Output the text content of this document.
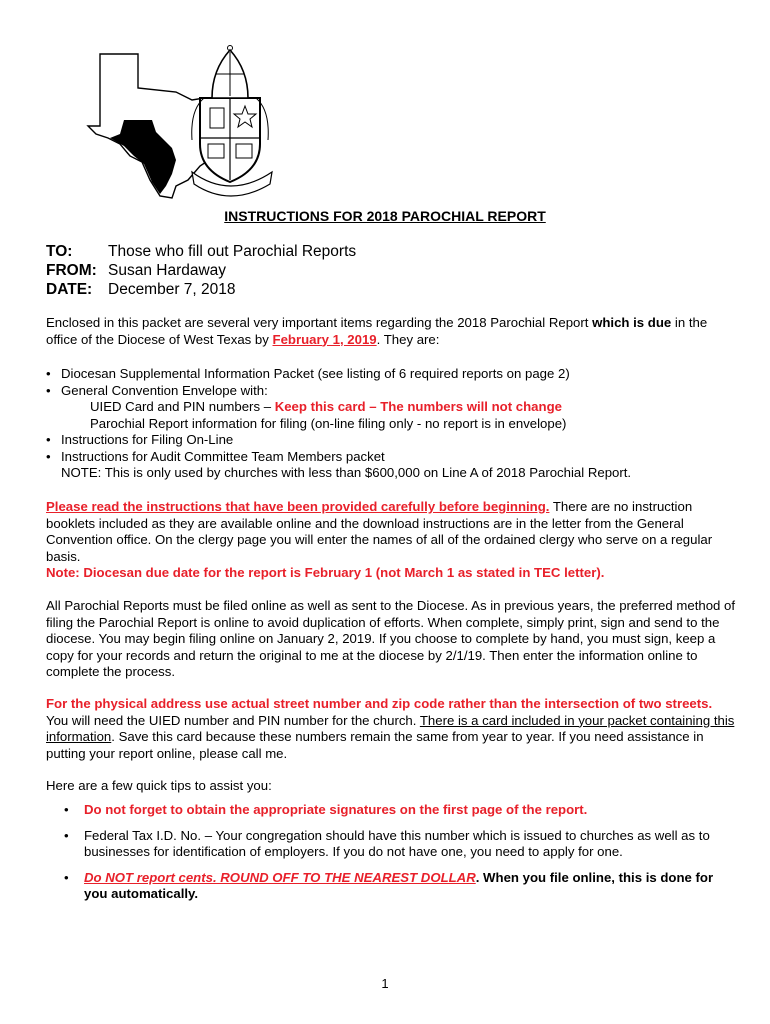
INSTRUCTIONS FOR 2018 PAROCHIAL REPORT
TO:	Those who fill out Parochial Reports
FROM: Susan Hardaway
DATE:	December 7, 2018
Enclosed in this packet are several very important items regarding the 2018 Parochial Report which is due in the office of the Diocese of West Texas by February 1, 2019. They are:
• Diocesan Supplemental Information Packet (see listing of 6 required reports on page 2)
• General Convention Envelope with:
UIED Card and PIN numbers – Keep this card – The numbers will not change
Parochial Report information for filing (on-line filing only - no report is in envelope)
• Instructions for Filing On-Line
• Instructions for Audit Committee Team Members packet
NOTE: This is only used by churches with less than $600,000 on Line A of 2018 Parochial Report.
Please read the instructions that have been provided carefully before beginning. There are no instruction booklets included as they are available online and the download instructions are in the letter from the General Convention office. On the clergy page you will enter the names of all of the ordained clergy who serve on a regular basis.
Note: Diocesan due date for the report is February 1 (not March 1 as stated in TEC letter).
All Parochial Reports must be filed online as well as sent to the Diocese. As in previous years, the preferred method of filing the Parochial Report is online to avoid duplication of efforts. When complete, simply print, sign and send to the diocese. You may begin filing online on January 2, 2019. If you choose to complete by hand, you must sign, keep a copy for your records and return the original to me at the diocese by 2/1/19. Then enter the information online to complete the process.
For the physical address use actual street number and zip code rather than the intersection of two streets. You will need the UIED number and PIN number for the church. There is a card included in your packet containing this information. Save this card because these numbers remain the same from year to year. If you need assistance in putting your report online, please call me.
Here are a few quick tips to assist you:
• Do not forget to obtain the appropriate signatures on the first page of the report.
• Federal Tax I.D. No. – Your congregation should have this number which is issued to churches as well as to businesses for identification of employers. If you do not have one, you need to apply for one.
• Do NOT report cents. ROUND OFF TO THE NEAREST DOLLAR. When you file online, this is done for you automatically.
1
